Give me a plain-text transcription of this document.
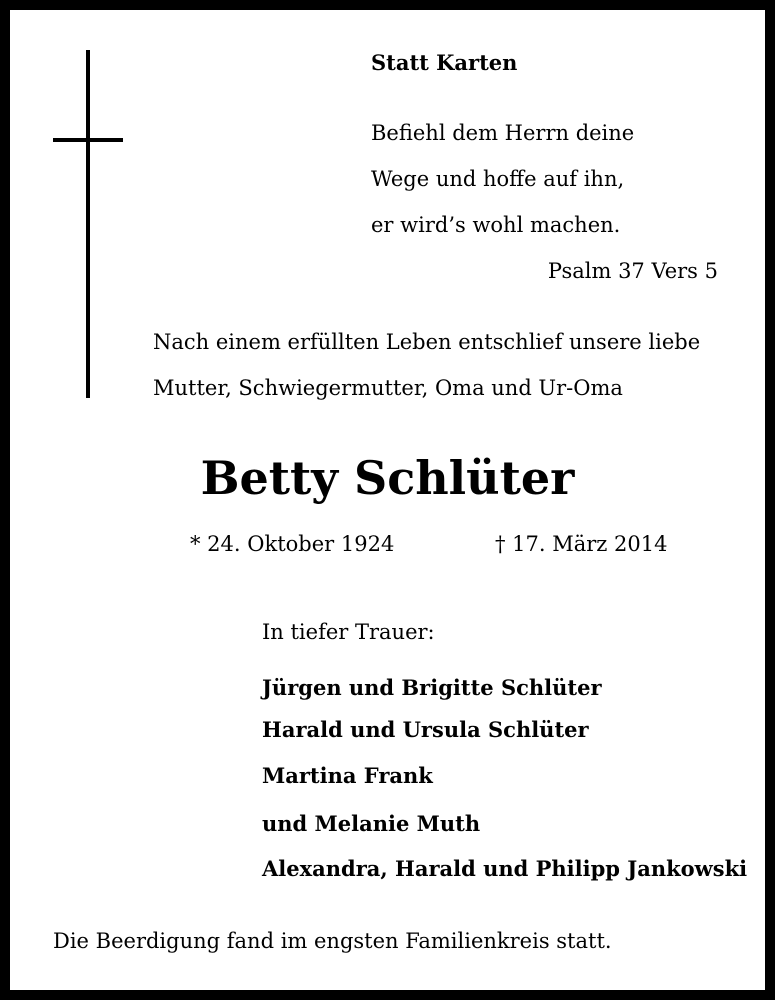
Statt Karten
Befiehl dem Herrn deine
Wege und hoffe auf ihn,
er wird’s wohl machen.
Psalm 37 Vers 5
Nach einem erfüllten Leben entschlief unsere liebe
Mutter, Schwiegermutter, Oma und Ur-Oma
Betty Schlüter
* 24. Oktober 1924	† 17. März 2014
In tiefer Trauer:
Jürgen und Brigitte Schlüter
Harald und Ursula Schlüter
Martina Frank
und Melanie Muth
Alexandra, Harald und Philipp Jankowski
Die Beerdigung fand im engsten Familienkreis statt.
